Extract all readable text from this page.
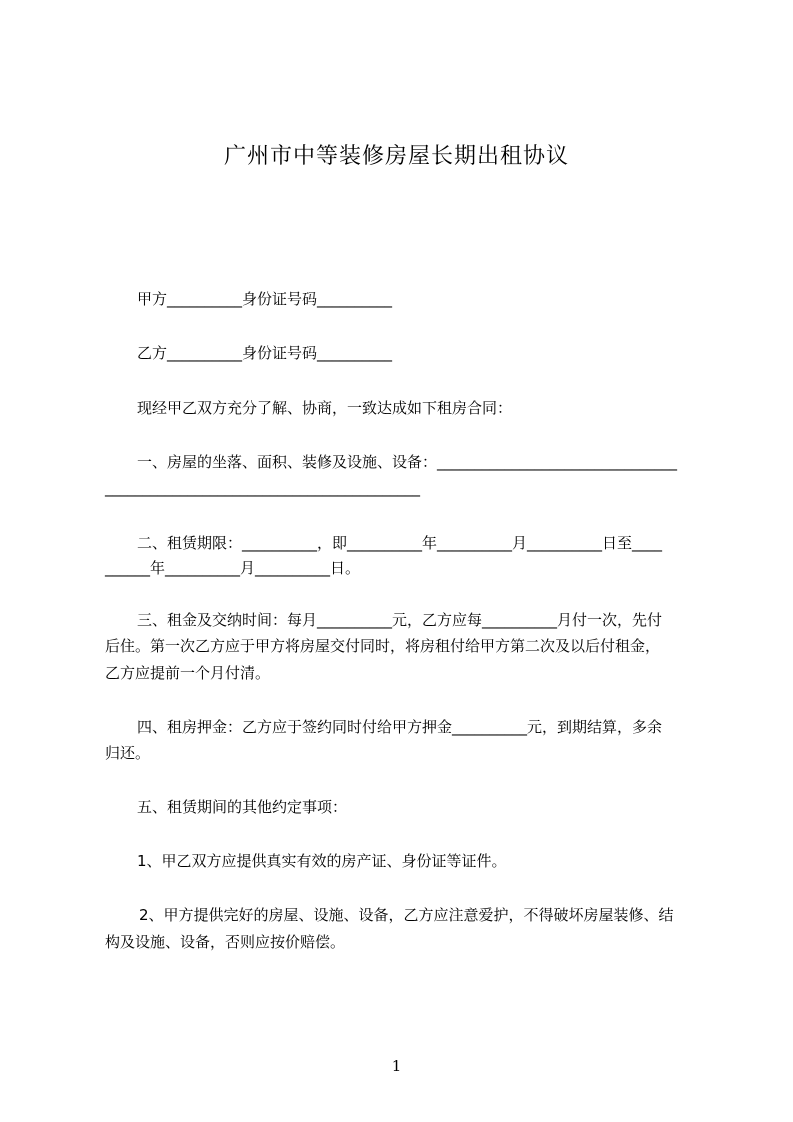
广州市中等装修房屋长期出租协议
甲方__________身份证号码__________
乙方__________身份证号码__________
现经甲乙双方充分了解、协商，一致达成如下租房合同：
一、房屋的坐落、面积、装修及设施、设备：________________________________
__________________________________________
二、租赁期限：__________，即__________年__________月__________日至____
______年__________月__________日。
三、租金及交纳时间：每月__________元，乙方应每__________月付一次，先付
后住。第一次乙方应于甲方将房屋交付同时，将房租付给甲方第二次及以后付租金，
乙方应提前一个月付清。
四、租房押金：乙方应于签约同时付给甲方押金__________元，到期结算，多余
归还。
五、租赁期间的其他约定事项：
1、甲乙双方应提供真实有效的房产证、身份证等证件。
2、甲方提供完好的房屋、设施、设备，乙方应注意爱护，不得破坏房屋装修、结
构及设施、设备，否则应按价赔偿。
1
